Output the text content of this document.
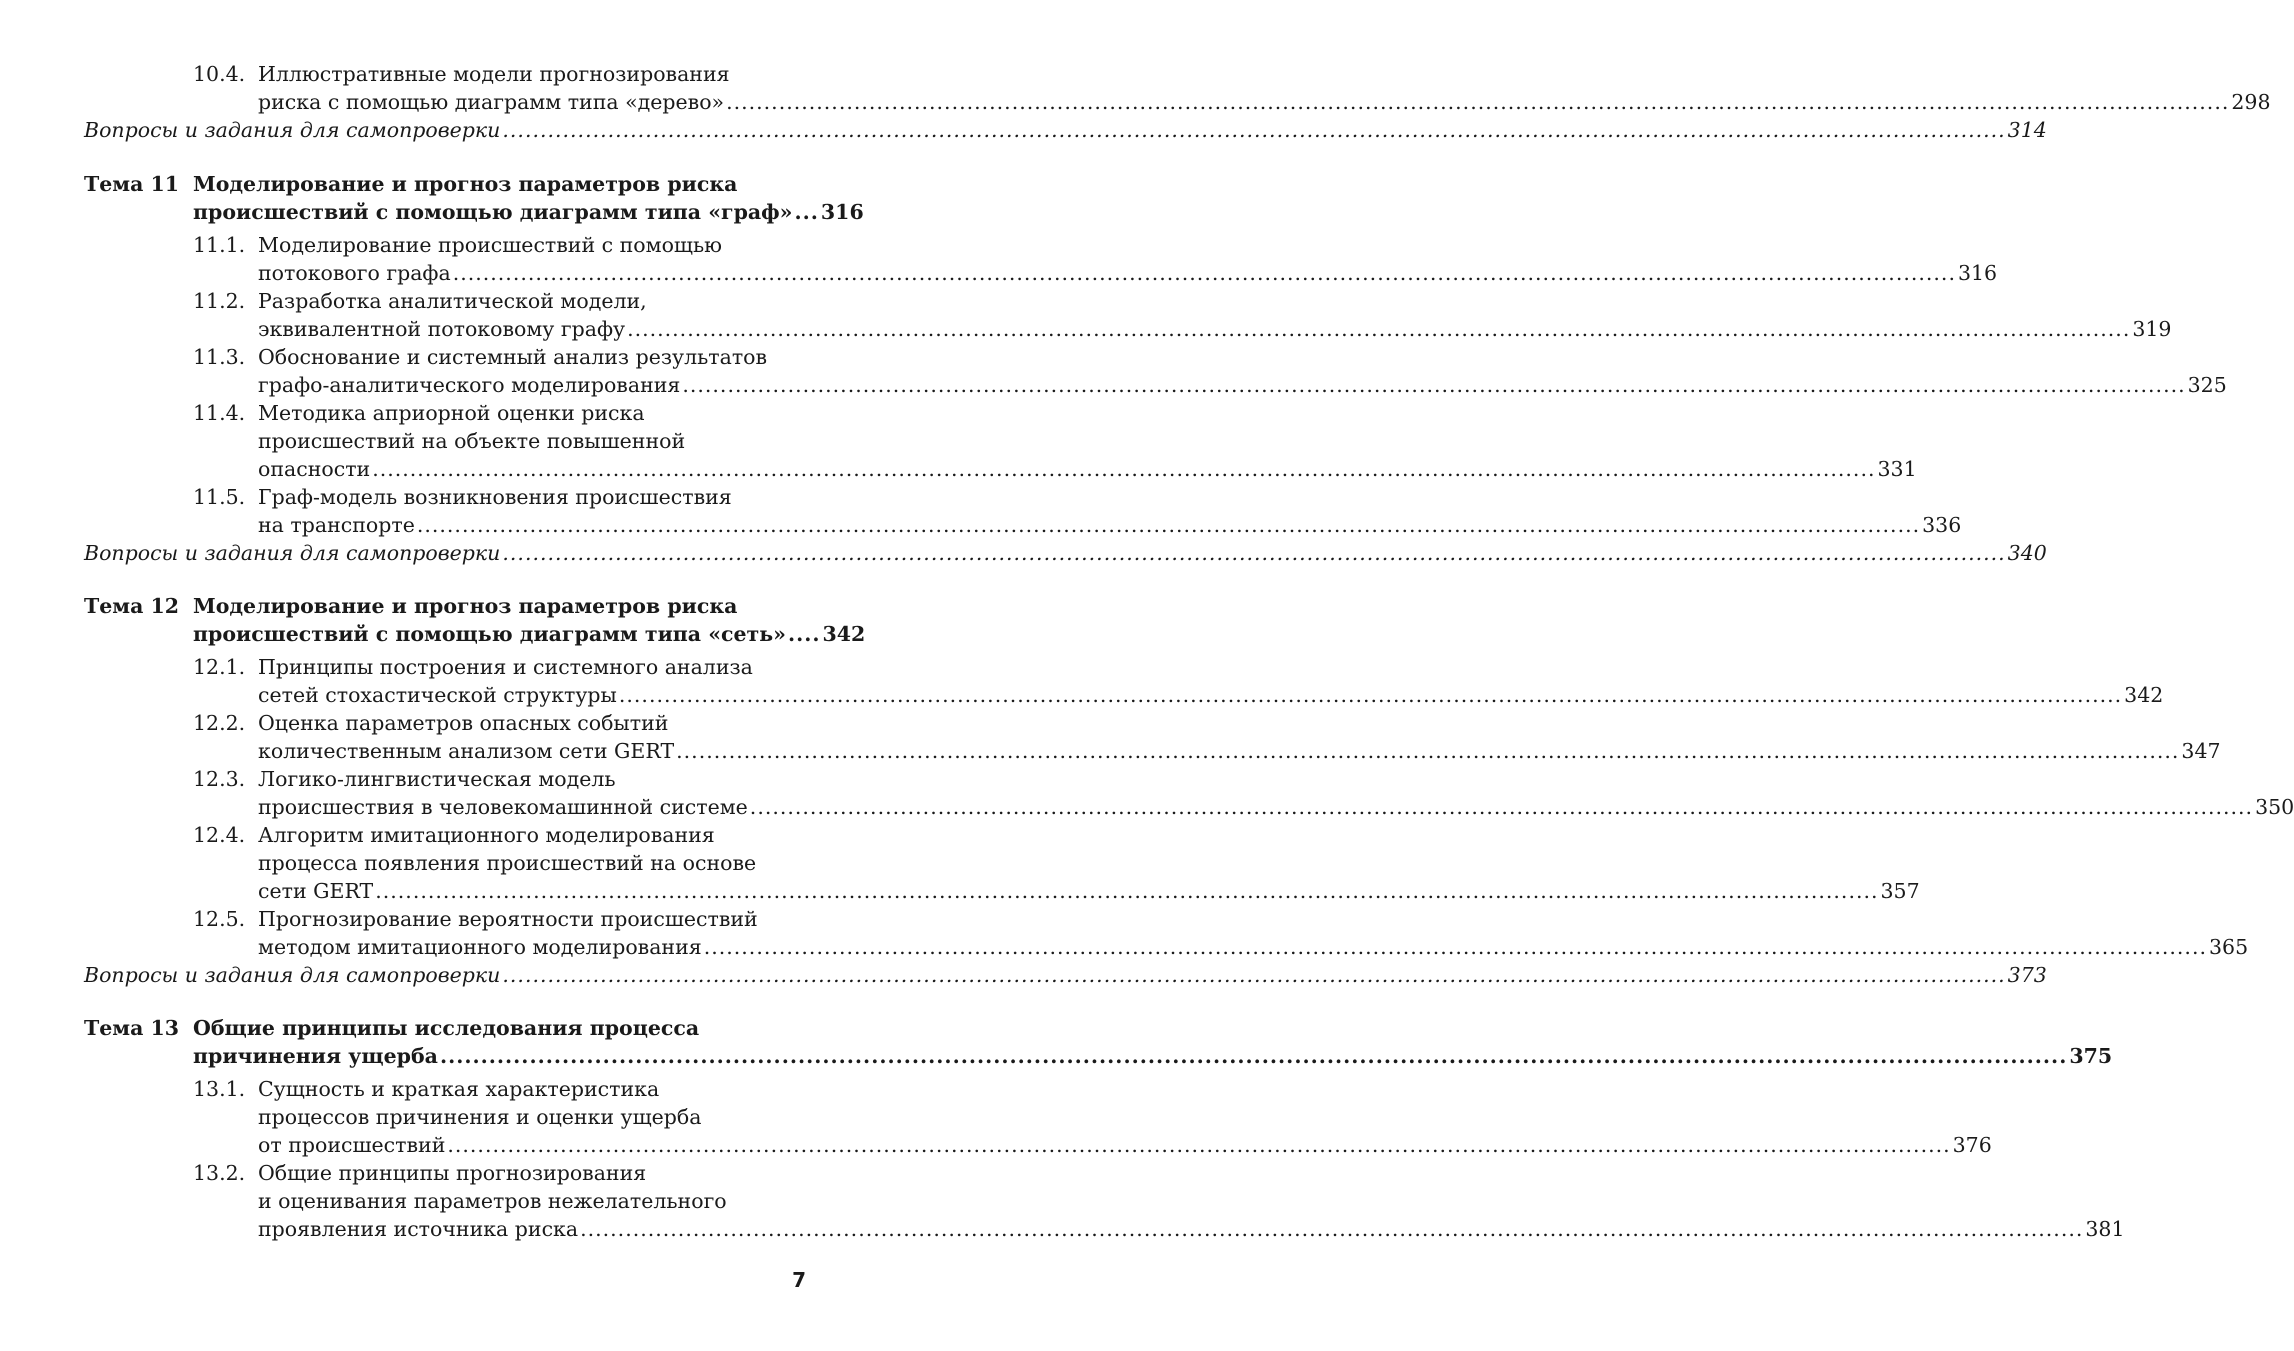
Иллюстративные модели прогнозирования
10.4.
риска с помощью диаграмм типа «дерево» ........................................................................................................................................................................................................ 298
Вопросы и задания для самопроверки ........................................................................................................................................................................................................ 314
Моделирование и прогноз параметров риска
Тема 11
происшествий с помощью диаграмм типа «граф» ... 316
Моделирование происшествий с помощью
11.1.
потокового графа ........................................................................................................................................................................................................ 316
Разработка аналитической модели,
11.2.
эквивалентной потоковому графу ........................................................................................................................................................................................................ 319
Обоснование и системный анализ результатов
11.3.
графо-аналитического моделирования ........................................................................................................................................................................................................ 325
Методика априорной оценки риска
11.4.
происшествий на объекте повышенной
опасности ........................................................................................................................................................................................................ 331
Граф-модель возникновения происшествия
11.5.
на транспорте ........................................................................................................................................................................................................ 336
Вопросы и задания для самопроверки ........................................................................................................................................................................................................ 340
Моделирование и прогноз параметров риска
Тема 12
происшествий с помощью диаграмм типа «сеть» .... 342
Принципы построения и системного анализа
12.1.
сетей стохастической структуры ........................................................................................................................................................................................................ 342
Оценка параметров опасных событий
12.2.
количественным анализом сети GERT ........................................................................................................................................................................................................ 347
Логико-лингвистическая модель
12.3.
происшествия в человекомашинной системе ........................................................................................................................................................................................................ 350
Алгоритм имитационного моделирования
12.4.
процесса появления происшествий на основе
сети GERT ........................................................................................................................................................................................................ 357
Прогнозирование вероятности происшествий
12.5.
методом имитационного моделирования ........................................................................................................................................................................................................ 365
Вопросы и задания для самопроверки ........................................................................................................................................................................................................ 373
Общие принципы исследования процесса
Тема 13
причинения ущерба ........................................................................................................................................................................................................ 375
Сущность и краткая характеристика
13.1.
процессов причинения и оценки ущерба
от происшествий ........................................................................................................................................................................................................ 376
Общие принципы прогнозирования
13.2.
и оценивания параметров нежелательного
проявления источника риска ........................................................................................................................................................................................................ 381
7
